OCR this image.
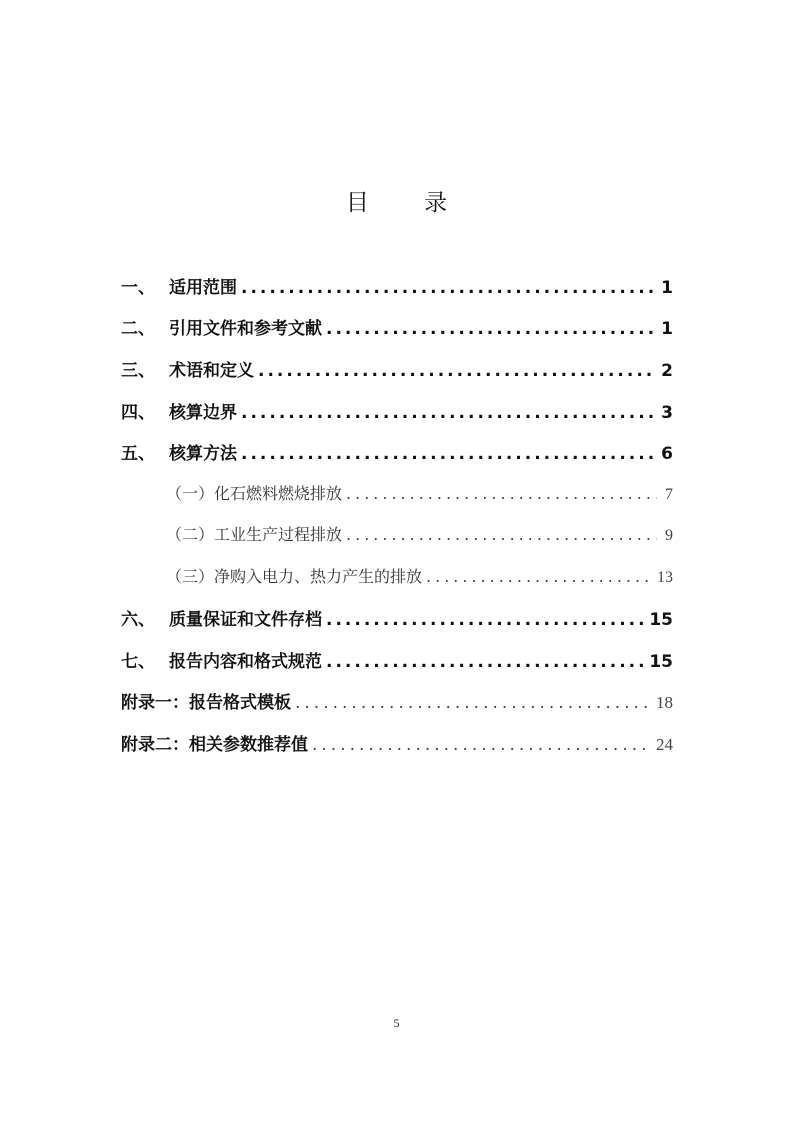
目 录
一、 适用范围 .....	1
二、 引用文件和参考文献 .....	1
三、 术语和定义 .....	2
四、 核算边界 .....	3
五、 核算方法 .....	6
（一）化石燃料燃烧排放 .....	7
（二）工业生产过程排放 .....	9
（三）净购入电力、热力产生的排放 .....	13
六、 质量保证和文件存档 .....	15
七、 报告内容和格式规范 .....	15
附录一：报告格式模板 .....	18
附录二：相关参数推荐值 .....	24
5
